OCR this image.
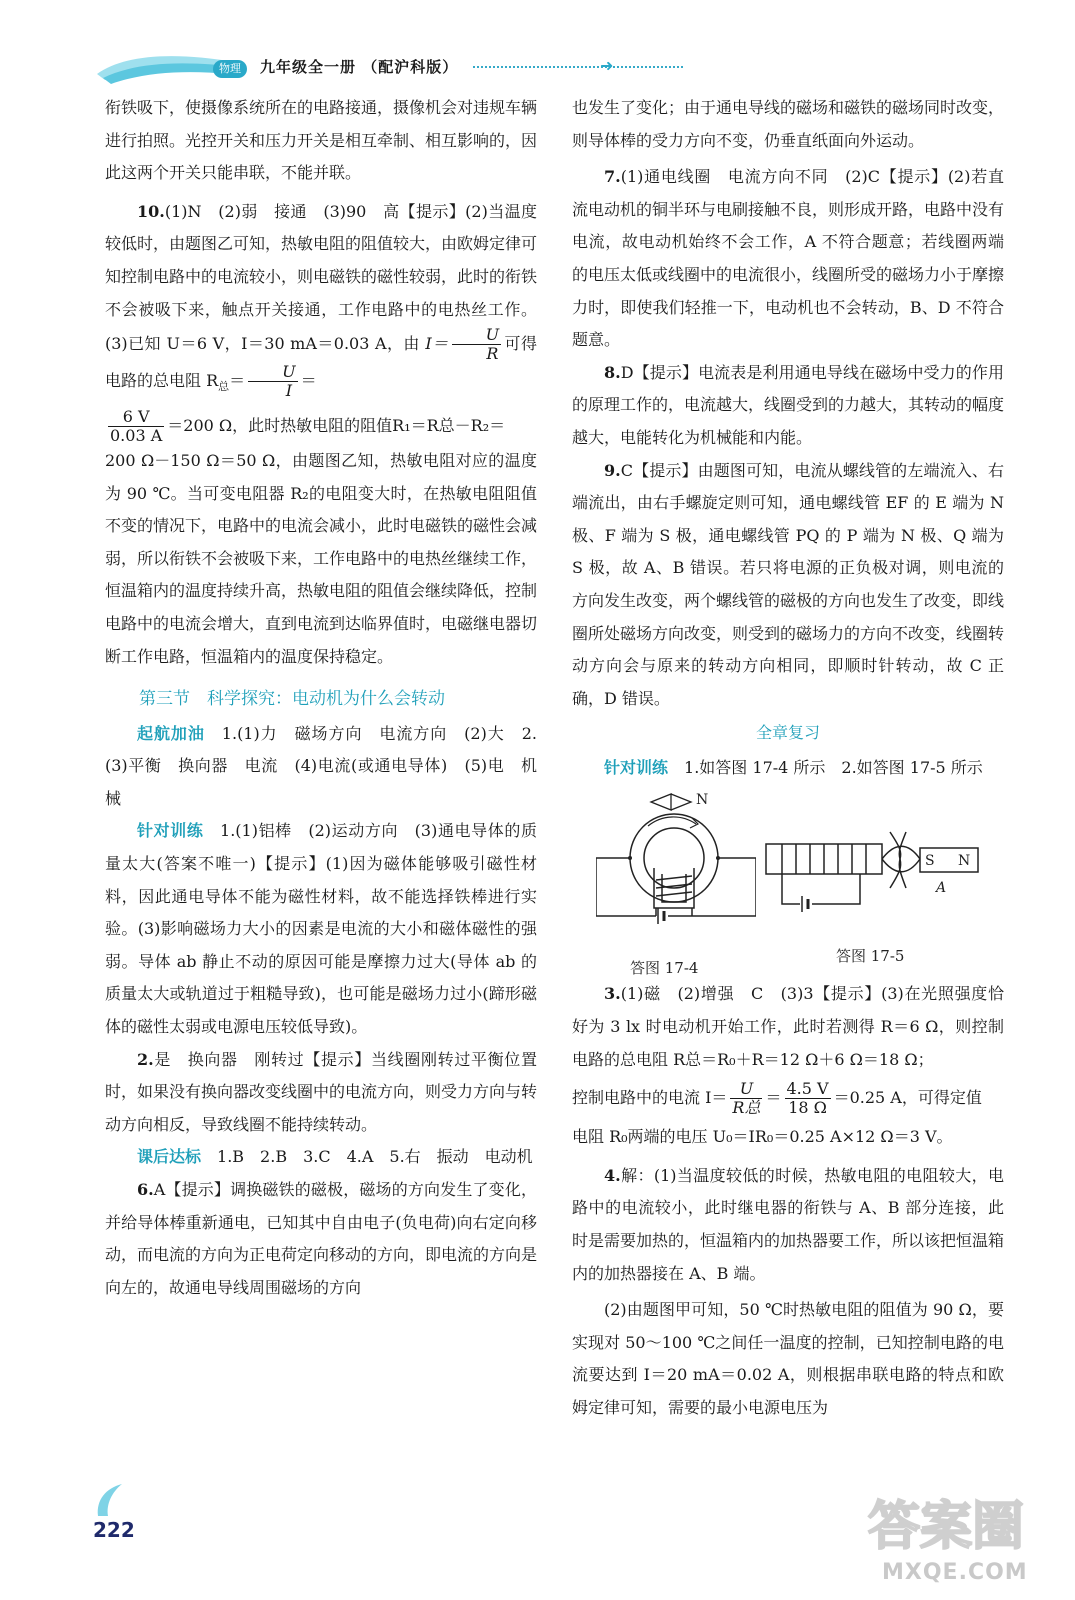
物理	九年级全一册 （配沪科版）	➜

衔铁吸下，使摄像系统所在的电路接通，摄像机会对违规车辆进行拍照。光控开关和压力开关是相互牵制、相互影响的，因此这两个开关只能串联，不能并联。

10.(1)N　(2)弱　接通　(3)90　高【提示】(2)当温度较低时，由题图乙可知，热敏电阻的阻值较大，由欧姆定律可知控制电路中的电流较小，则电磁铁的磁性较弱，此时的衔铁不会被吸下来，触点开关接通，工作电路中的电热丝工作。(3)已知 U＝6 V，I＝30 mA＝0.03 A，由 $I= \frac{U}{R}$ 可得电路的总电阻 $R_总= \frac{U}{I}$ ＝

$\frac{6 V}{0.03 A} =200$ Ω，此时热敏电阻的阻值R₁＝R总－R₂＝

200 Ω－150 Ω＝50 Ω，由题图乙知，热敏电阻对应的温度为 90 ℃。当可变电阻器 R₂的电阻变大时，在热敏电阻阻值不变的情况下，电路中的电流会减小，此时电磁铁的磁性会减弱，所以衔铁不会被吸下来，工作电路中的电热丝继续工作，恒温箱内的温度持续升高，热敏电阻的阻值会继续降低，控制电路中的电流会增大，直到电流到达临界值时，电磁继电器切断工作电路，恒温箱内的温度保持稳定。

第三节　科学探究：电动机为什么会转动

起航加油　 1.(1)力　磁场方向　电流方向　(2)大　2.(3)平衡　换向器　电流　(4)电流(或通电导体)　(5)电　机械

针对训练　 1.(1)铝棒　(2)运动方向　(3)通电导体的质量太大(答案不唯一)【提示】(1)因为磁体能够吸引磁性材料，因此通电导体不能为磁性材料，故不能选择铁棒进行实验。(3)影响磁场力大小的因素是电流的大小和磁体磁性的强弱。导体 ab 静止不动的原因可能是摩擦力过大(导体 ab 的质量太大或轨道过于粗糙导致)，也可能是磁场力过小(蹄形磁体的磁性太弱或电源电压较低导致)。

2.是　换向器　刚转过【提示】当线圈刚转过平衡位置时，如果没有换向器改变线圈中的电流方向，则受力方向与转动方向相反，导致线圈不能持续转动。

课后达标　 1.B　2.B　3.C　4.A　5.右　振动　电动机

6.A【提示】调换磁铁的磁极，磁场的方向发生了变化，并给导体棒重新通电，已知其中自由电子(负电荷)向右定向移动，而电流的方向为正电荷定向移动的方向，即电流的方向是向左的，故通电导线周围磁场的方向

也发生了变化；由于通电导线的磁场和磁铁的磁场同时改变，则导体棒的受力方向不变，仍垂直纸面向外运动。

7.(1)通电线圈　电流方向不同　(2)C【提示】(2)若直流电动机的铜半环与电刷接触不良，则形成开路，电路中没有电流，故电动机始终不会工作，A 不符合题意；若线圈两端的电压太低或线圈中的电流很小，线圈所受的磁场力小于摩擦力时，即使我们轻推一下，电动机也不会转动，B、D 不符合题意。

8.D【提示】电流表是利用通电导线在磁场中受力的作用的原理工作的，电流越大，线圈受到的力越大，其转动的幅度越大，电能转化为机械能和内能。

9.C【提示】由题图可知，电流从螺线管的左端流入、右端流出，由右手螺旋定则可知，通电螺线管 EF 的 E 端为 N 极、F 端为 S 极，通电螺线管 PQ 的 P 端为 N 极、Q 端为 S 极，故 A、B 错误。若只将电源的正负极对调，则电流的方向发生改变，两个螺线管的磁极的方向也发生了改变，即线圈所处磁场方向改变，则受到的磁场力的方向不改变，线圈转动方向会与原来的转动方向相同，即顺时针转动，故 C 正确，D 错误。

全章复习

针对训练　 1.如答图 17-4 所示　2.如答图 17-5 所示

N
答图 17-4
S N
A
答图 17-5

3.(1)磁　(2)增强　C　(3)3【提示】(3)在光照强度恰好为 3 lx 时电动机开始工作，此时若测得 R＝6 Ω，则控制电路的总电阻 R总＝R₀＋R＝12 Ω＋6 Ω＝18 Ω；

控制电路中的电流 $I= \frac{U}{\text{R总}} = \frac{4.5 V}{18 \Omega} =0.25$ A，可得定值

电阻 R₀两端的电压 U₀＝IR₀＝0.25 A×12 Ω＝3 V。

4.解：(1)当温度较低的时候，热敏电阻的电阻较大，电路中的电流较小，此时继电器的衔铁与 A、B 部分连接，此时是需要加热的，恒温箱内的加热器要工作，所以该把恒温箱内的加热器接在 A、B 端。

(2)由题图甲可知，50 ℃时热敏电阻的阻值为 90 Ω，要实现对 50～100 ℃之间任一温度的控制，已知控制电路的电流要达到 I＝20 mA＝0.02 A，则根据串联电路的特点和欧姆定律可知，需要的最小电源电压为

222	答案圈
MXQE.COM
